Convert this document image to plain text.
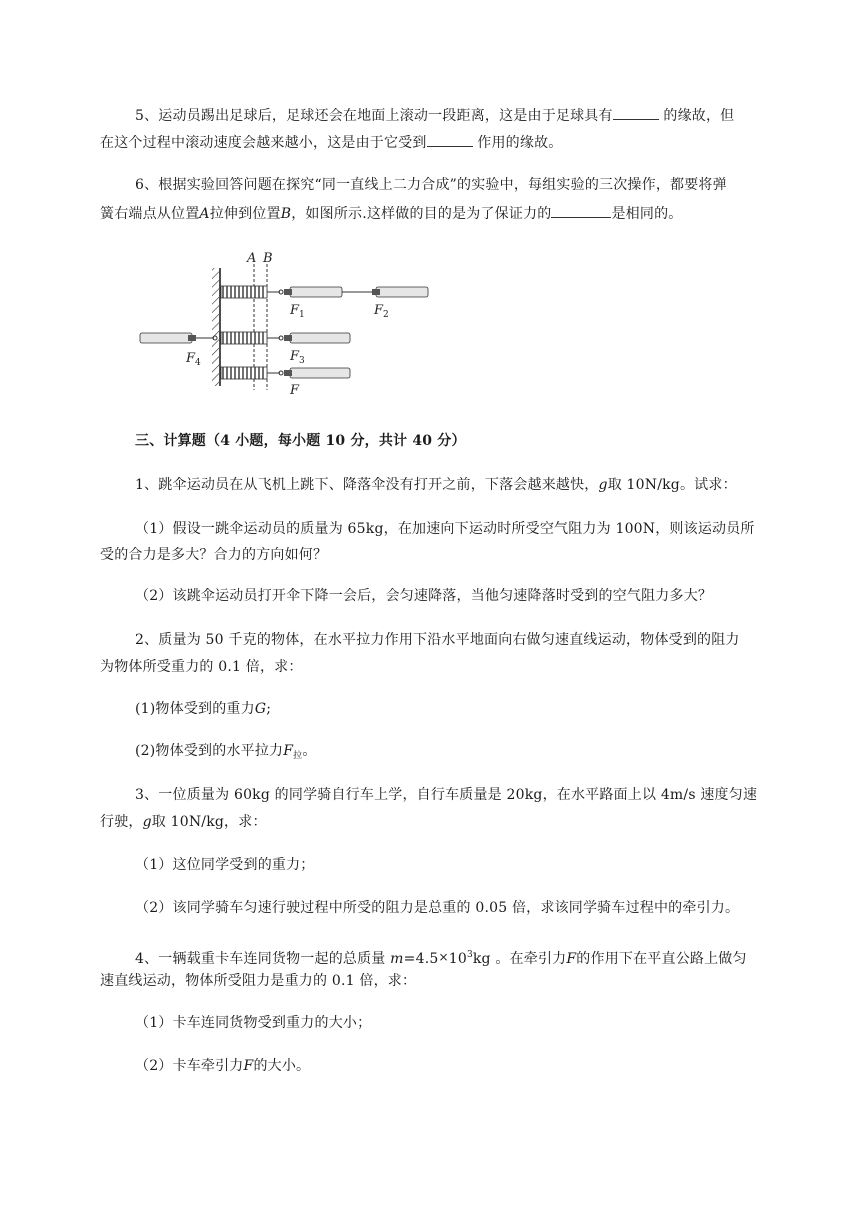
5、运动员踢出足球后，足球还会在地面上滚动一段距离，这是由于足球具有	的缘故，但
在这个过程中滚动速度会越来越小，这是由于它受到	作用的缘故。
6、根据实验回答问题在探究“同一直线上二力合成”的实验中，每组实验的三次操作，都要将弹
簧右端点从位置A拉伸到位置B，如图所示.这样做的目的是为了保证力的	是相同的。
A B
$F_1$	$F_2$
$F_4$	$F_3$
F
三、计算题（4 小题，每小题 10 分，共计 40 分）
1、跳伞运动员在从飞机上跳下、降落伞没有打开之前，下落会越来越快，g取 10N/kg。试求：
（1）假设一跳伞运动员的质量为 65kg，在加速向下运动时所受空气阻力为 100N，则该运动员所
受的合力是多大？合力的方向如何？
（2）该跳伞运动员打开伞下降一会后，会匀速降落，当他匀速降落时受到的空气阻力多大？
2、质量为 50 千克的物体，在水平拉力作用下沿水平地面向右做匀速直线运动，物体受到的阻力
为物体所受重力的 0.1 倍，求：
(1)物体受到的重力G;
(2)物体受到的水平拉力$F_拉$。
3、一位质量为 60kg 的同学骑自行车上学，自行车质量是 20kg，在水平路面上以 4m/s 速度匀速
行驶，g取 10N/kg，求：
（1）这位同学受到的重力；
（2）该同学骑车匀速行驶过程中所受的阻力是总重的 0.05 倍，求该同学骑车过程中的牵引力。
4、一辆载重卡车连同货物一起的总质量 $m=4.5\times 10^3kg$ 。在牵引力F的作用下在平直公路上做匀
速直线运动，物体所受阻力是重力的 0.1 倍，求：
（1）卡车连同货物受到重力的大小；
（2）卡车牵引力F的大小。
